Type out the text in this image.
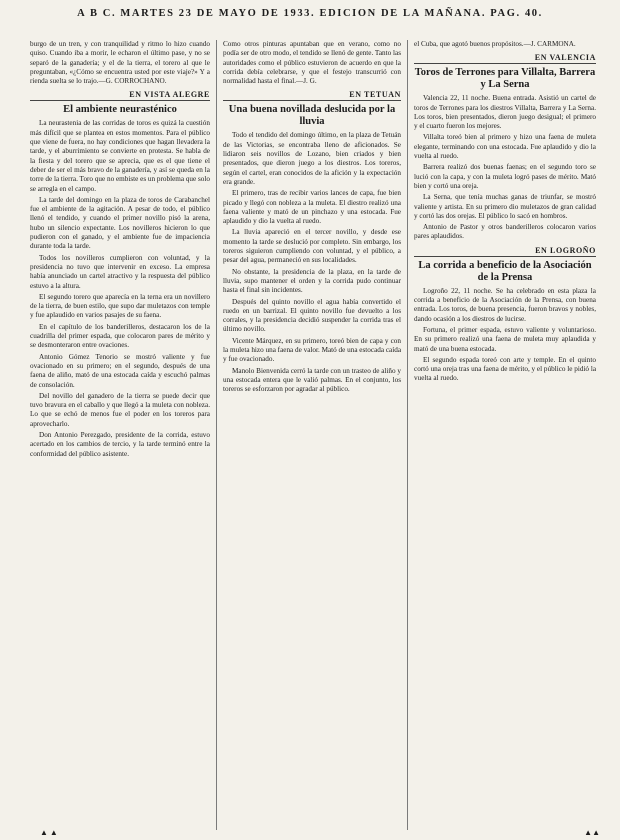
A B C. MARTES 23 DE MAYO DE 1933. EDICION DE LA MAÑANA. PAG. 40.

burgo de un tren, y con tranquilidad y ritmo lo hizo cuando quiso. Cuando iba a morir, le echaron el último pase, y no se separó de la ganadería; y el de la tierra, el torero al que le preguntaban, «¿Cómo se encuentra usted por este viaje?» Y a rienda suelta se lo trajo.—G. CORROCHANO.

EN VISTA ALEGRE
El ambiente neurasténico

La neurastenia de las corridas de toros es quizá la cuestión más difícil que se plantea en estos momentos. Para el público que viene de fuera, no hay condiciones que hagan llevadera la tarde, y el aburrimiento se convierte en protesta. Se habla de la fiesta y del torero que se aprecia, que es el que tiene el deber de ser el más bravo de la ganadería, y así se queda en la torre de la tierra. Toro que no embiste es un problema que solo se arregla en el campo.

La tarde del domingo en la plaza de toros de Carabanchel fue el ambiente de la agitación. A pesar de todo, el público llenó el tendido, y cuando el primer novillo pisó la arena, hubo un silencio expectante. Los novilleros hicieron lo que pudieron con el ganado, y el ambiente fue de impaciencia durante toda la tarde.

Todos los novilleros cumplieron con voluntad, y la presidencia no tuvo que intervenir en exceso. La empresa había anunciado un cartel atractivo y la respuesta del público estuvo a la altura.

El segundo torero que aparecía en la terna era un novillero de la tierra, de buen estilo, que supo dar muletazos con temple y fue aplaudido en varios pasajes de su faena.

En el capítulo de los banderilleros, destacaron los de la cuadrilla del primer espada, que colocaron pares de mérito y se desmonteraron entre ovaciones.

Antonio Gómez Tenorio se mostró valiente y fue ovacionado en su primero; en el segundo, después de una faena de aliño, mató de una estocada caída y escuchó palmas de consolación.

Del novillo del ganadero de la tierra se puede decir que tuvo bravura en el caballo y que llegó a la muleta con nobleza. Lo que se echó de menos fue el poder en los toreros para aprovecharlo.

Don Antonio Perezgado, presidente de la corrida, estuvo acertado en los cambios de tercio, y la tarde terminó entre la conformidad del público asistente.

Como otros pinturas apuntaban que en verano, como no podía ser de otro modo, el tendido se llenó de gente. Tanto las autoridades como el público estuvieron de acuerdo en que la corrida debía celebrarse, y que el festejo transcurrió con normalidad hasta el final.—J. G.

EN TETUAN
Una buena novillada deslucida por la lluvia

Todo el tendido del domingo último, en la plaza de Tetuán de las Victorias, se encontraba lleno de aficionados. Se lidiaron seis novillos de Lozano, bien criados y bien presentados, que dieron juego a los diestros. Los toreros, según el cartel, eran conocidos de la afición y la expectación era grande.

El primero, tras de recibir varios lances de capa, fue bien picado y llegó con nobleza a la muleta. El diestro realizó una faena valiente y mató de un pinchazo y una estocada. Fue aplaudido y dio la vuelta al ruedo.

La lluvia apareció en el tercer novillo, y desde ese momento la tarde se deslució por completo. Sin embargo, los toreros siguieron cumpliendo con voluntad, y el público, a pesar del agua, permaneció en sus localidades.

No obstante, la presidencia de la plaza, en la tarde de lluvia, supo mantener el orden y la corrida pudo continuar hasta el final sin incidentes.

Después del quinto novillo el agua había convertido el ruedo en un barrizal. El quinto novillo fue devuelto a los corrales, y la presidencia decidió suspender la corrida tras el último novillo.

Vicente Márquez, en su primero, toreó bien de capa y con la muleta hizo una faena de valor. Mató de una estocada caída y fue ovacionado.

Manolo Bienvenida cerró la tarde con un trasteo de aliño y una estocada entera que le valió palmas. En el conjunto, los toreros se esforzaron por agradar al público.

el Cuba, que agotó buenos propósitos.—J. CARMONA.

EN VALENCIA
Toros de Terrones para Villalta, Barrera y La Serna

Valencia 22, 11 noche. Buena entrada. Asistió un cartel de toros de Terrones para los diestros Villalta, Barrera y La Serna. Los toros, bien presentados, dieron juego desigual; el primero y el cuarto fueron los mejores.

Villalta toreó bien al primero y hizo una faena de muleta elegante, terminando con una estocada. Fue aplaudido y dio la vuelta al ruedo.

Barrera realizó dos buenas faenas; en el segundo toro se lució con la capa, y con la muleta logró pases de mérito. Mató bien y cortó una oreja.

La Serna, que tenía muchas ganas de triunfar, se mostró valiente y artista. En su primero dio muletazos de gran calidad y cortó las dos orejas. El público lo sacó en hombros.

Antonio de Pastor y otros banderilleros colocaron varios pares aplaudidos.

EN LOGROÑO
La corrida a beneficio de la Asociación de la Prensa

Logroño 22, 11 noche. Se ha celebrado en esta plaza la corrida a beneficio de la Asociación de la Prensa, con buena entrada. Los toros, de buena presencia, fueron bravos y nobles, dando ocasión a los diestros de lucirse.

Fortuna, el primer espada, estuvo valiente y voluntarioso. En su primero realizó una faena de muleta muy aplaudida y mató de una buena estocada.

El segundo espada toreó con arte y temple. En el quinto cortó una oreja tras una faena de mérito, y el público le pidió la vuelta al ruedo.

▲ ▲	▲▲
